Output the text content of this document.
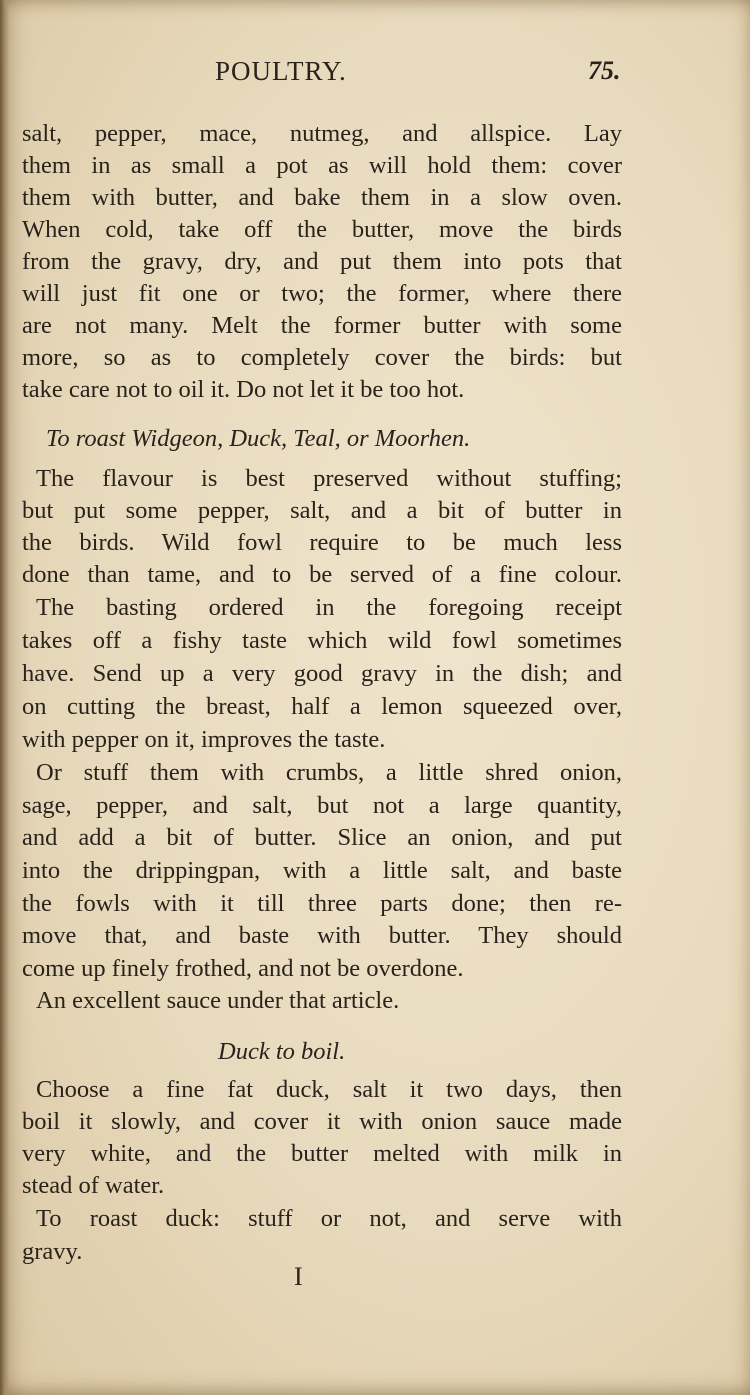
POULTRY.	75.
salt, pepper, mace, nutmeg, and allspice. Lay
them in as small a pot as will hold them: cover
them with butter, and bake them in a slow oven.
When cold, take off the butter, move the birds
from the gravy, dry, and put them into pots that
will just fit one or two; the former, where there
are not many. Melt the former butter with some
more, so as to completely cover the birds: but
take care not to oil it. Do not let it be too hot.
To roast Widgeon, Duck, Teal, or Moorhen.
The flavour is best preserved without stuffing;
but put some pepper, salt, and a bit of butter in
the birds. Wild fowl require to be much less
done than tame, and to be served of a fine colour.
The basting ordered in the foregoing receipt
takes off a fishy taste which wild fowl sometimes
have. Send up a very good gravy in the dish; and
on cutting the breast, half a lemon squeezed over,
with pepper on it, improves the taste.
Or stuff them with crumbs, a little shred onion,
sage, pepper, and salt, but not a large quantity,
and add a bit of butter. Slice an onion, and put
into the drippingpan, with a little salt, and baste
the fowls with it till three parts done; then re-
move that, and baste with butter. They should
come up finely frothed, and not be overdone.
An excellent sauce under that article.
Duck to boil.
Choose a fine fat duck, salt it two days, then
boil it slowly, and cover it with onion sauce made
very white, and the butter melted with milk in
stead of water.
To roast duck: stuff or not, and serve with
gravy.
I
